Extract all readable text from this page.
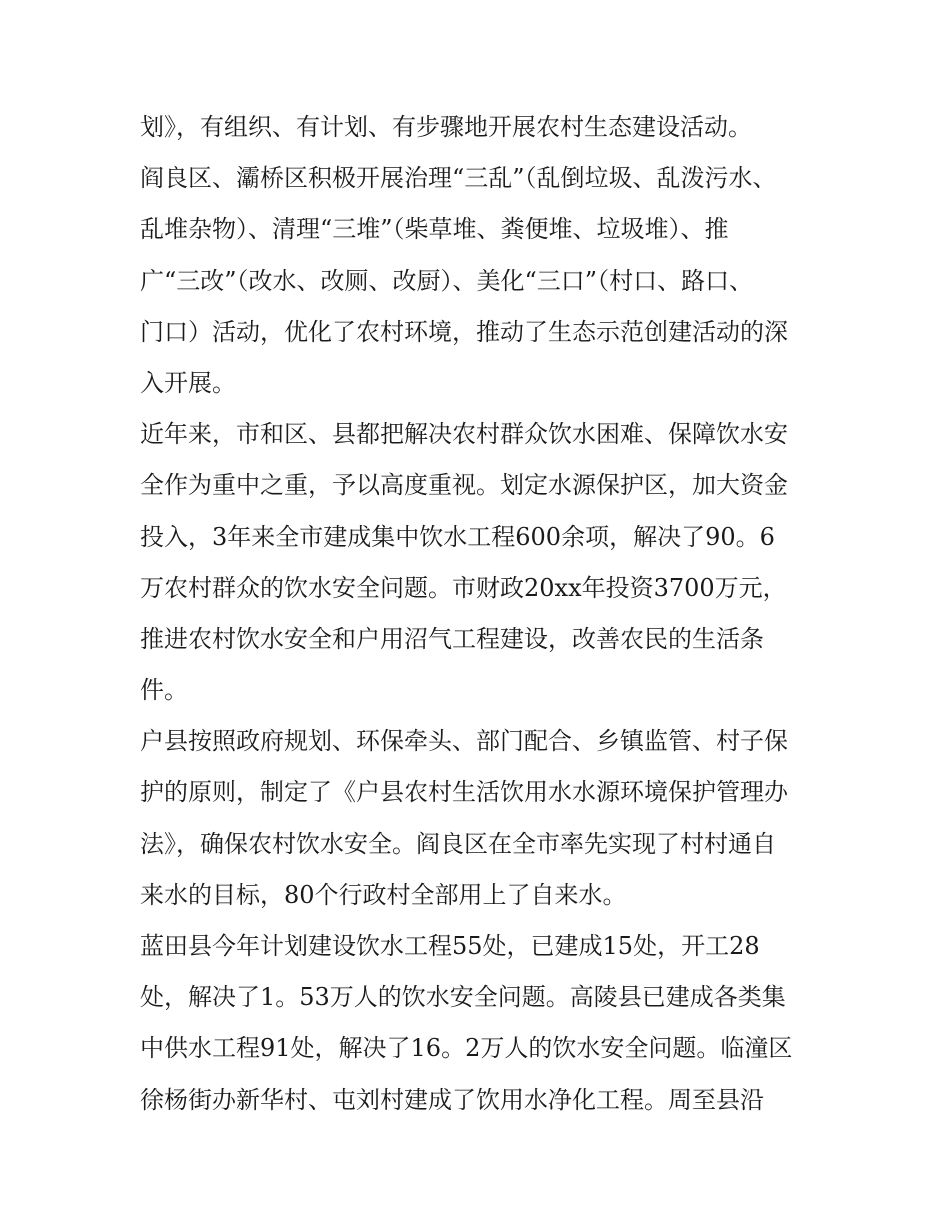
划》，有组织、有计划、有步骤地开展农村生态建设活动。
阎良区、灞桥区积极开展治理“三乱”（乱倒垃圾、乱泼污水、
乱堆杂物）、清理“三堆”（柴草堆、粪便堆、垃圾堆）、推
广“三改”（改水、改厕、改厨）、美化“三口”（村口、路口、
门口）活动，优化了农村环境，推动了生态示范创建活动的深
入开展。
近年来，市和区、县都把解决农村群众饮水困难、保障饮水安
全作为重中之重，予以高度重视。划定水源保护区，加大资金
投入，3年来全市建成集中饮水工程600余项，解决了90。6
万农村群众的饮水安全问题。市财政20xx年投资3700万元，
推进农村饮水安全和户用沼气工程建设，改善农民的生活条
件。
户县按照政府规划、环保牵头、部门配合、乡镇监管、村子保
护的原则，制定了《户县农村生活饮用水水源环境保护管理办
法》，确保农村饮水安全。阎良区在全市率先实现了村村通自
来水的目标，80个行政村全部用上了自来水。
蓝田县今年计划建设饮水工程55处，已建成15处，开工28
处，解决了1。53万人的饮水安全问题。高陵县已建成各类集
中供水工程91处，解决了16。2万人的饮水安全问题。临潼区
徐杨街办新华村、屯刘村建成了饮用水净化工程。周至县沿
